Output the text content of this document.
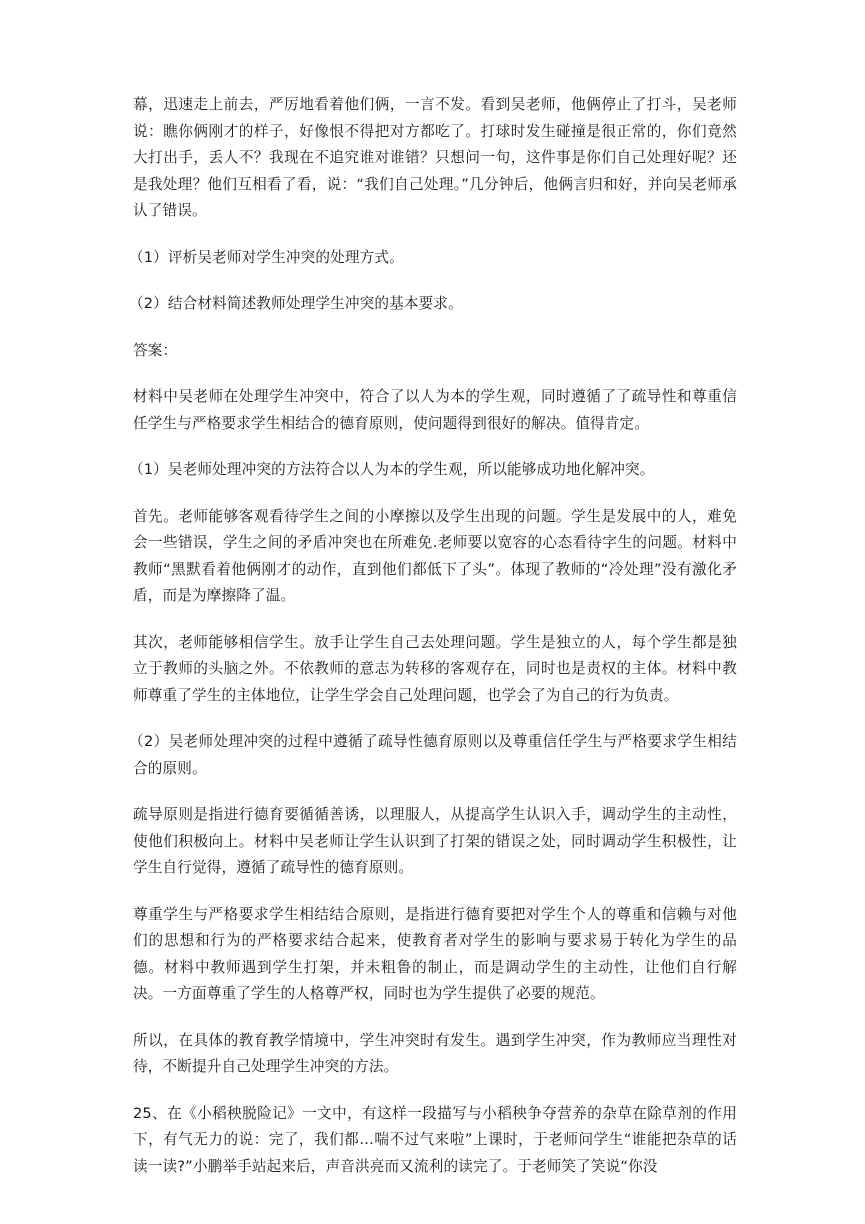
幕，迅速走上前去，严厉地看着他们俩，一言不发。看到吴老师，他俩停止了打斗，吴老师说：瞧你俩刚才的样子，好像恨不得把对方都吃了。打球时发生碰撞是很正常的，你们竟然大打出手，丢人不？我现在不追究谁对谁错？只想问一句，这件事是你们自己处理好呢？还是我处理？他们互相看了看，说：“我们自己处理。”几分钟后，他俩言归和好，并向吴老师承认了错误。

（1）评析吴老师对学生冲突的处理方式。

（2）结合材料简述教师处理学生冲突的基本要求。

答案：

材料中吴老师在处理学生冲突中，符合了以人为本的学生观，同时遵循了了疏导性和尊重信任学生与严格要求学生相结合的德育原则，使问题得到很好的解决。值得肯定。

（1）吴老师处理冲突的方法符合以人为本的学生观，所以能够成功地化解冲突。

首先。老师能够客观看待学生之间的小摩擦以及学生出现的问题。学生是发展中的人，难免会一些错误，学生之间的矛盾冲突也在所难免.老师要以宽容的心态看待字生的问题。材料中教师“黑默看着他俩刚才的动作，直到他们都低下了头”。体现了教师的“冷处理”没有激化矛盾，而是为摩擦降了温。

其次，老师能够相信学生。放手让学生自己去处理问题。学生是独立的人，每个学生都是独立于教师的头脑之外。不依教师的意志为转移的客观存在，同时也是责权的主体。材料中教师尊重了学生的主体地位，让学生学会自己处理问题，也学会了为自己的行为负责。

（2）吴老师处理冲突的过程中遵循了疏导性德育原则以及尊重信任学生与严格要求学生相结合的原则。

疏导原则是指进行德育要循循善诱，以理服人，从提高学生认识入手，调动学生的主动性，使他们积极向上。材料中吴老师让学生认识到了打架的错误之处，同时调动学生积极性，让学生自行觉得，遵循了疏导性的德育原则。

尊重学生与严格要求学生相结结合原则，是指进行德育要把对学生个人的尊重和信赖与对他们的思想和行为的严格要求结合起来，使教育者对学生的影响与要求易于转化为学生的品德。材料中教师遇到学生打架，并未粗鲁的制止，而是调动学生的主动性，让他们自行解决。一方面尊重了学生的人格尊严权，同时也为学生提供了必要的规范。

所以，在具体的教育教学情境中，学生冲突时有发生。遇到学生冲突，作为教师应当理性对待，不断提升自己处理学生冲突的方法。

25、在《小稻秧脱险记》一文中，有这样一段描写与小稻秧争夺营养的杂草在除草剂的作用下，有气无力的说：完了，我们都…喘不过气来啦”上课时，于老师问学生“谁能把杂草的话读一读?”小鹏举手站起来后，声音洪亮而又流利的读完了。于老师笑了笑说“你没
